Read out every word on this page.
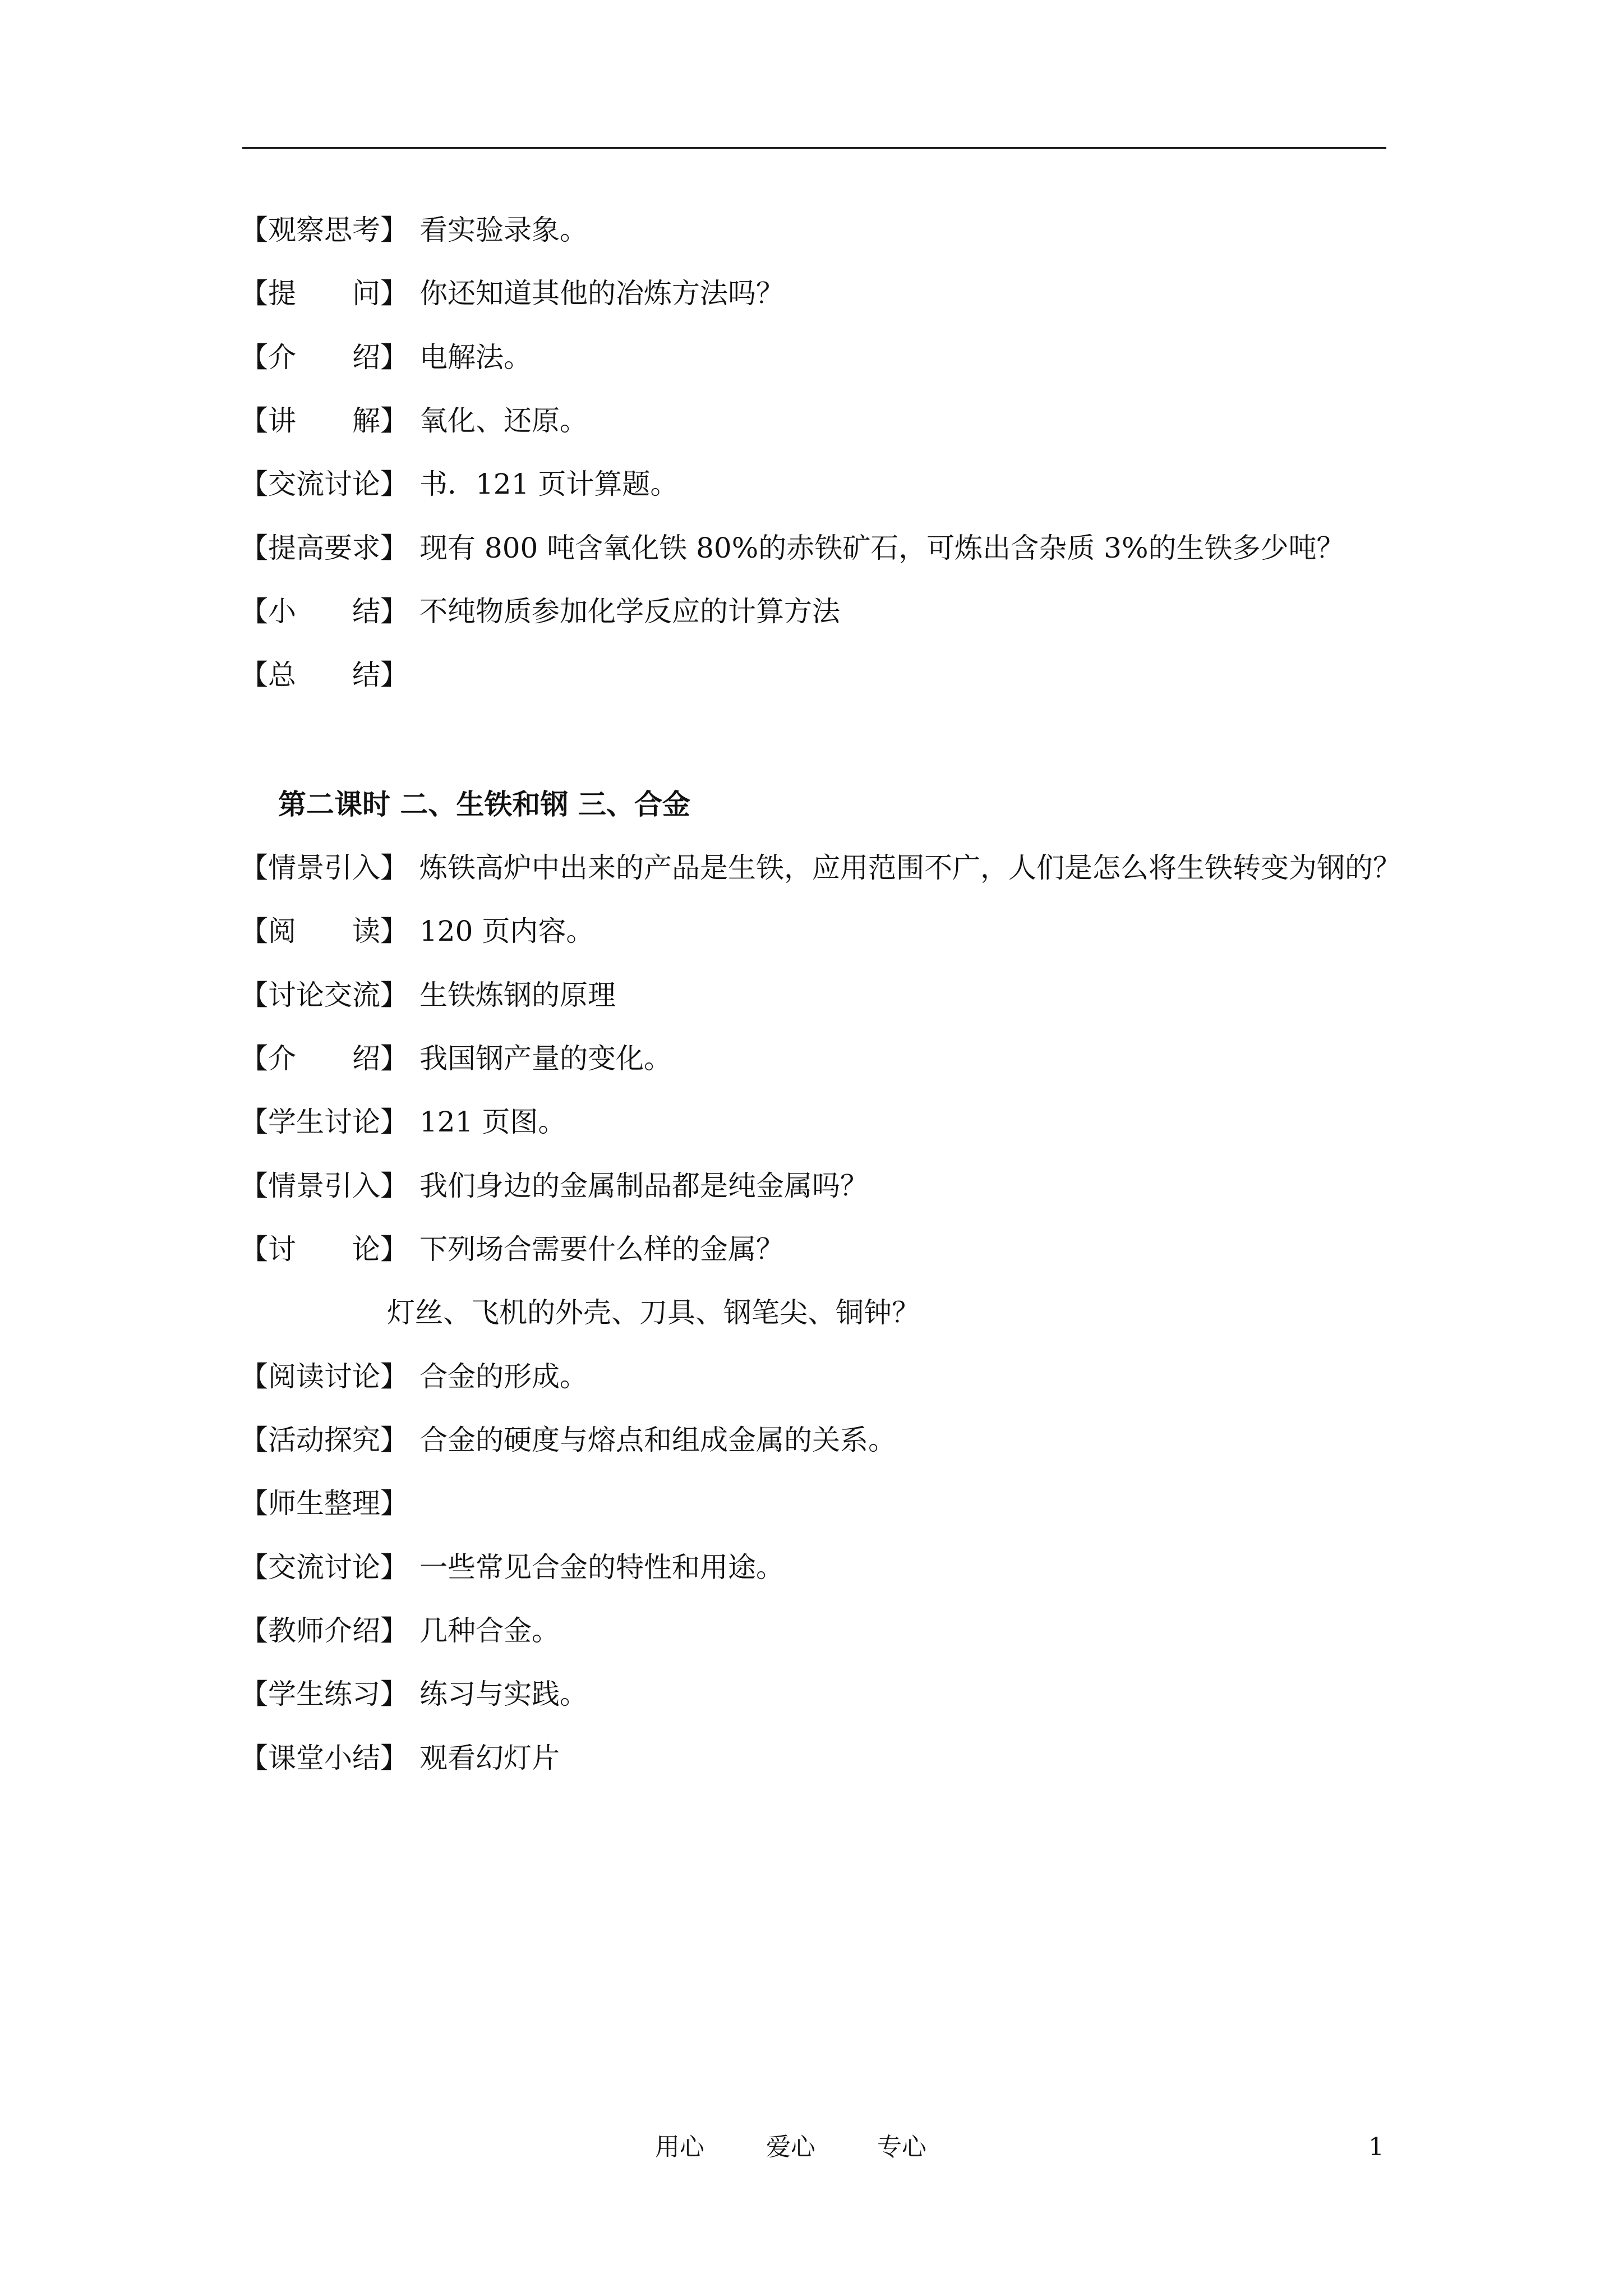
【观察思考】 看实验录象。
【提　　问】 你还知道其他的冶炼方法吗？
【介　　绍】 电解法。
【讲　　解】 氧化、还原。
【交流讨论】 书．121 页计算题。
【提高要求】 现有 800 吨含氧化铁 80%的赤铁矿石，可炼出含杂质 3%的生铁多少吨？
【小　　结】 不纯物质参加化学反应的计算方法
【总　　结】
第二课时 二、生铁和钢 三、合金
【情景引入】 炼铁高炉中出来的产品是生铁，应用范围不广，人们是怎么将生铁转变为钢的？
【阅　　读】 120 页内容。
【讨论交流】 生铁炼钢的原理
【介　　绍】 我国钢产量的变化。
【学生讨论】 121 页图。
【情景引入】 我们身边的金属制品都是纯金属吗？
【讨　　论】 下列场合需要什么样的金属？
灯丝、飞机的外壳、刀具、钢笔尖、铜钟？
【阅读讨论】 合金的形成。
【活动探究】 合金的硬度与熔点和组成金属的关系。
【师生整理】
【交流讨论】 一些常见合金的特性和用途。
【教师介绍】 几种合金。
【学生练习】 练习与实践。
【课堂小结】 观看幻灯片
用心	爱心	专心	1
